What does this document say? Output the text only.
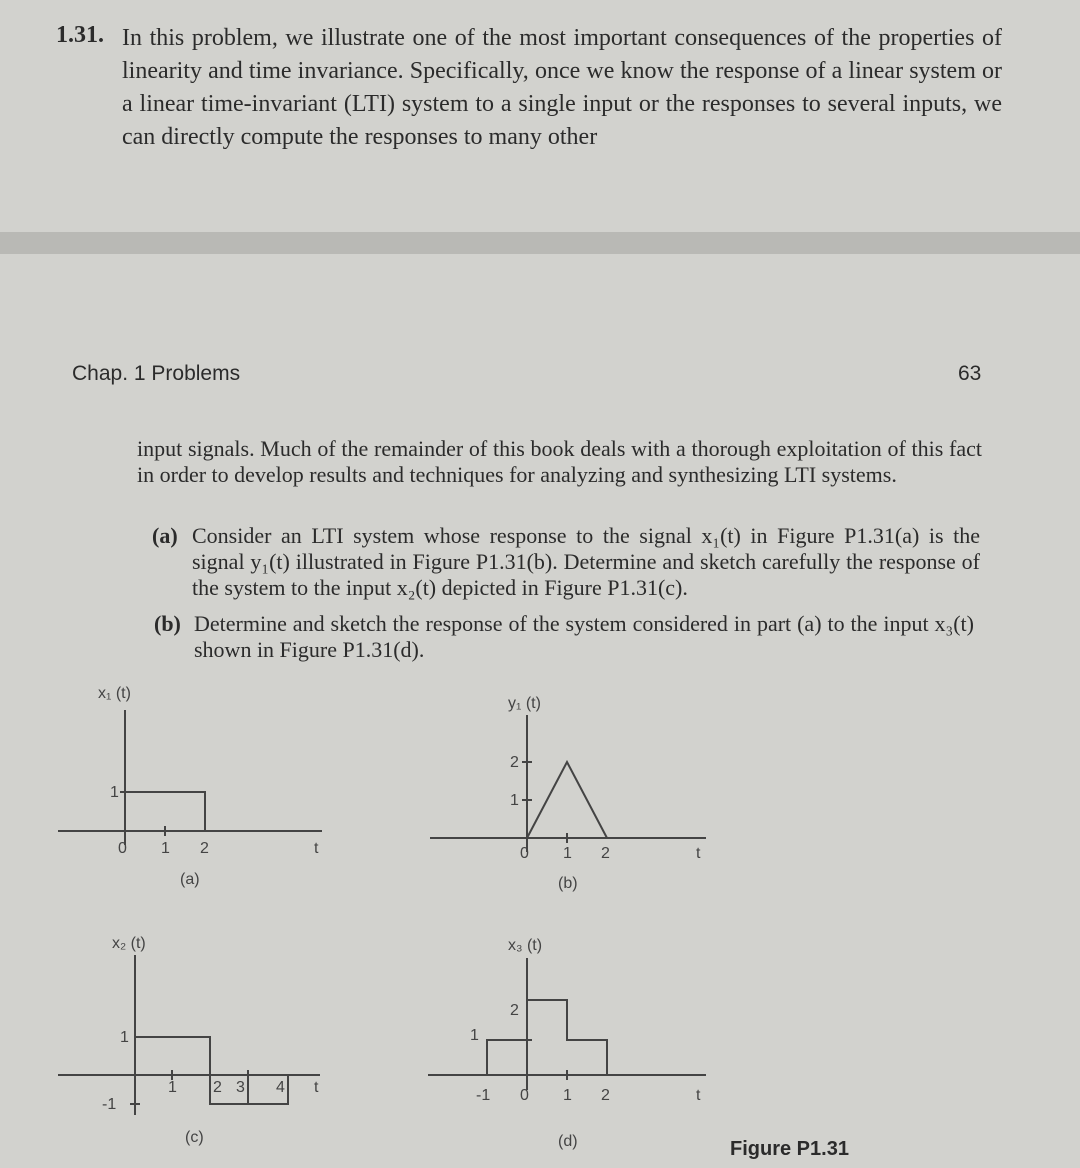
1.31. In this problem, we illustrate one of the most important consequences of the properties of linearity and time invariance. Specifically, once we know the response of a linear system or a linear time-invariant (LTI) system to a single input or the responses to several inputs, we can directly compute the responses to many other

Chap. 1 Problems	63

input signals. Much of the remainder of this book deals with a thorough exploitation of this fact in order to develop results and techniques for analyzing and synthesizing LTI systems.

(a) Consider an LTI system whose response to the signal x₁(t) in Figure P1.31(a) is the signal y₁(t) illustrated in Figure P1.31(b). Determine and sketch carefully the response of the system to the input x₂(t) depicted in Figure P1.31(c).
(b) Determine and sketch the response of the system considered in part (a) to the input x₃(t) shown in Figure P1.31(d).
x₁ (t)
1
0 1 2	t
(a)
y₁ (t)
2
1
0 1 2	t
(b)
x₂ (t)
1
-1
1 2 3 4 t
(c)
x₃ (t)
2
1
-1 0 1 2	t
(d)	Figure P1.31
